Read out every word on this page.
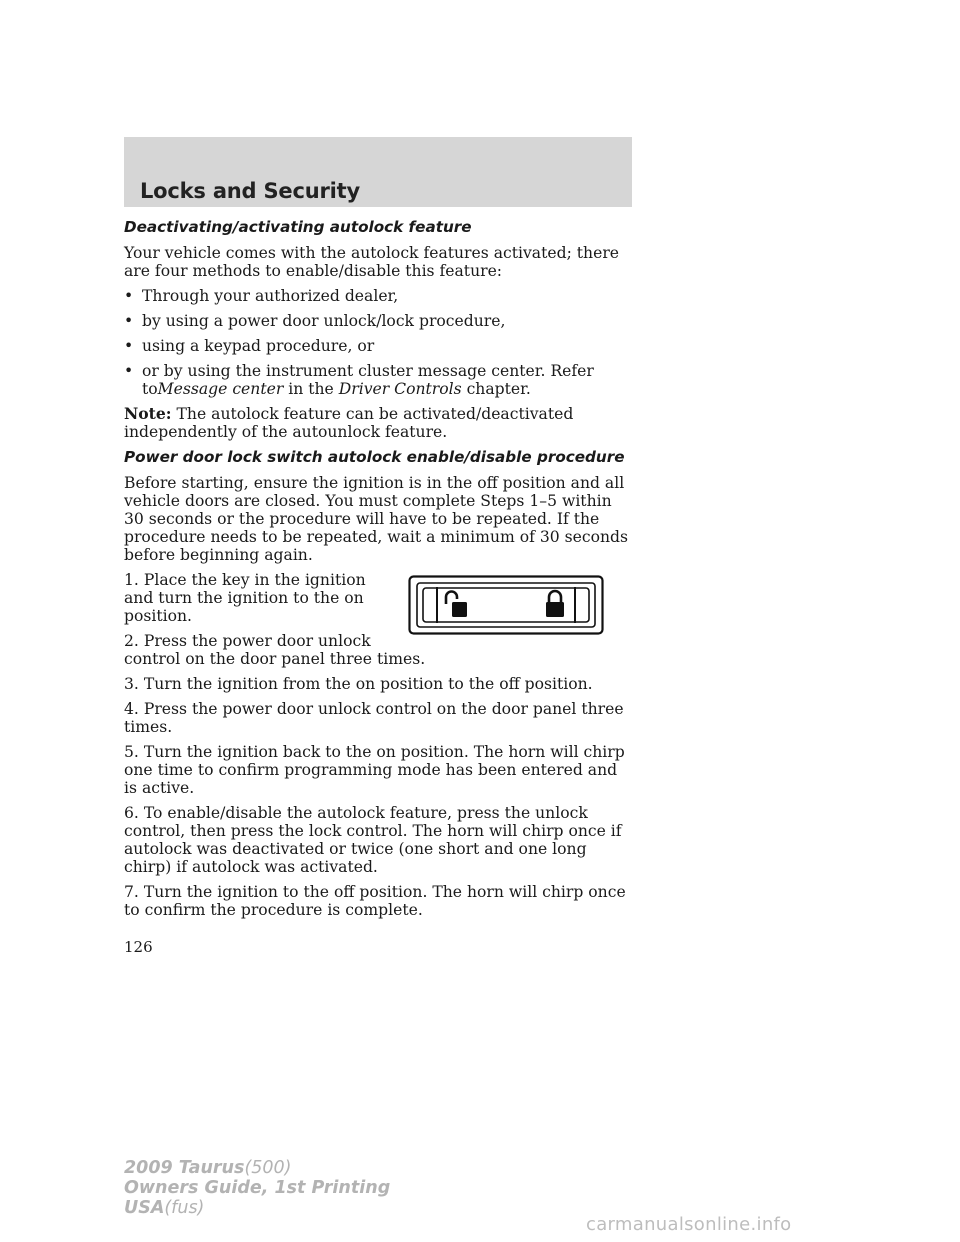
Locks and Security
Deactivating/activating autolock feature

Your vehicle comes with the autolock features activated; there are four methods to enable/disable this feature:

• Through your authorized dealer,
• by using a power door unlock/lock procedure,
• using a keypad procedure, or
• or by using the instrument cluster message center. Refer toMessage center in the Driver Controls chapter.

Note: The autolock feature can be activated/deactivated independently of the autounlock feature.

Power door lock switch autolock enable/disable procedure

Before starting, ensure the ignition is in the off position and all vehicle doors are closed. You must complete Steps 1–5 within 30 seconds or the procedure will have to be repeated. If the procedure needs to be repeated, wait a minimum of 30 seconds before beginning again.

1. Place the key in the ignition and turn the ignition to the on position.

2. Press the power door unlock control on the door panel three times.

3. Turn the ignition from the on position to the off position.

4. Press the power door unlock control on the door panel three times.

5. Turn the ignition back to the on position. The horn will chirp one time to confirm programming mode has been entered and is active.

6. To enable/disable the autolock feature, press the unlock control, then press the lock control. The horn will chirp once if autolock was deactivated or twice (one short and one long chirp) if autolock was activated.

7. Turn the ignition to the off position. The horn will chirp once to confirm the procedure is complete.

126
2009 Taurus(500)
Owners Guide, 1st Printing
USA(fus)
carmanualsonline.info
